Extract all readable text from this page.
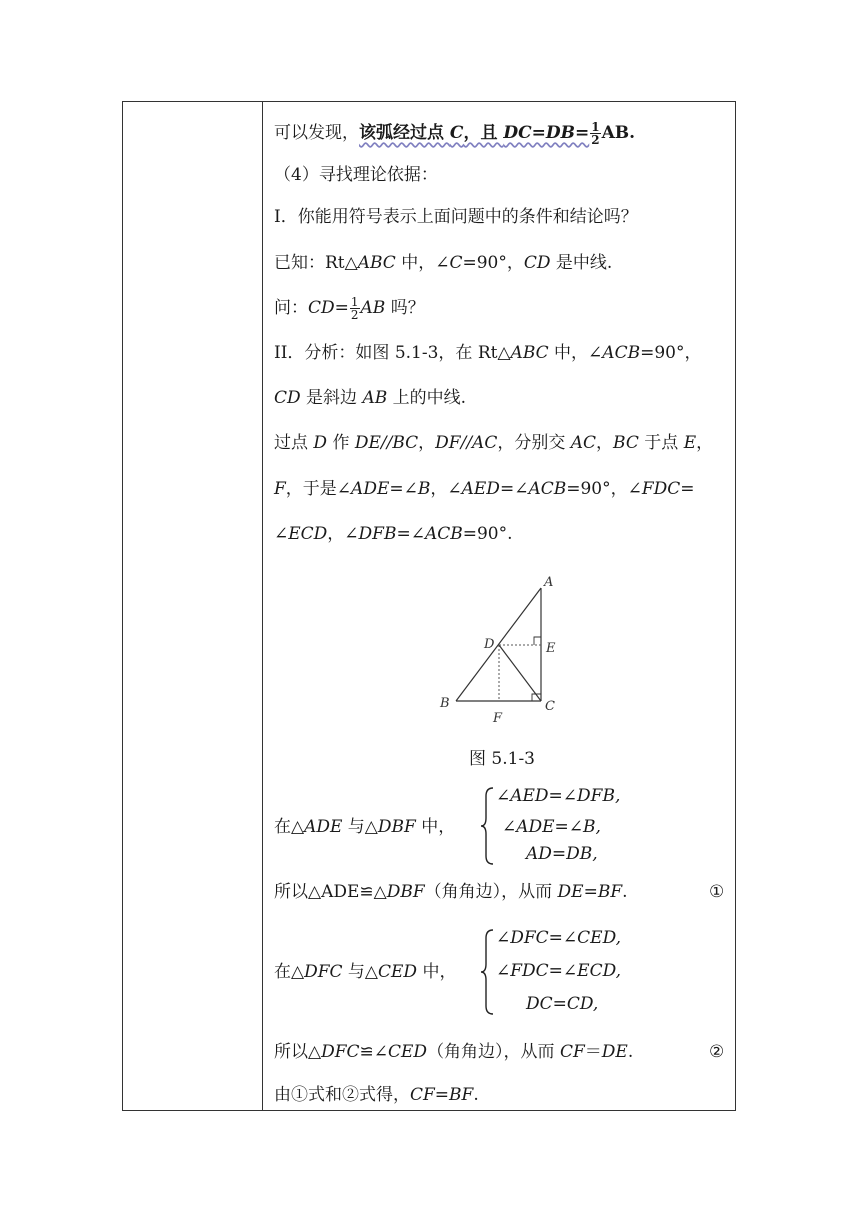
可以发现，该弧经过点 C，且 $DC=DB= \frac{1}{2}$ AB.
（4）寻找理论依据：
I．你能用符号表示上面问题中的条件和结论吗？
已知：Rt△ABC 中，∠C=90°，CD 是中线.
问：$CD= \frac{1}{2}$ AB 吗？
II．分析：如图 5.1-3，在 Rt△ABC 中，∠ACB=90°，
CD 是斜边 AB 上的中线.
过点 D 作 DE//BC，DF//AC，分别交 AC，BC 于点 E，
F，于是∠ADE=∠B，∠AED=∠ACB=90°，∠FDC=
∠ECD，∠DFB=∠ACB=90°.
A
B	C
D	E
F
图 5.1-3
在△ADE 与△DBF 中，
∠AED=∠DFB,
∠ADE=∠B,
AD=DB,
所以△ADE≌△DBF（角角边），从而 DE=BF.	①
在△DFC 与△CED 中，
∠DFC=∠CED,
∠FDC=∠ECD,
DC=CD,
所以△DFC≌∠CED（角角边），从而 CF＝DE.	②
由①式和②式得，CF=BF.
